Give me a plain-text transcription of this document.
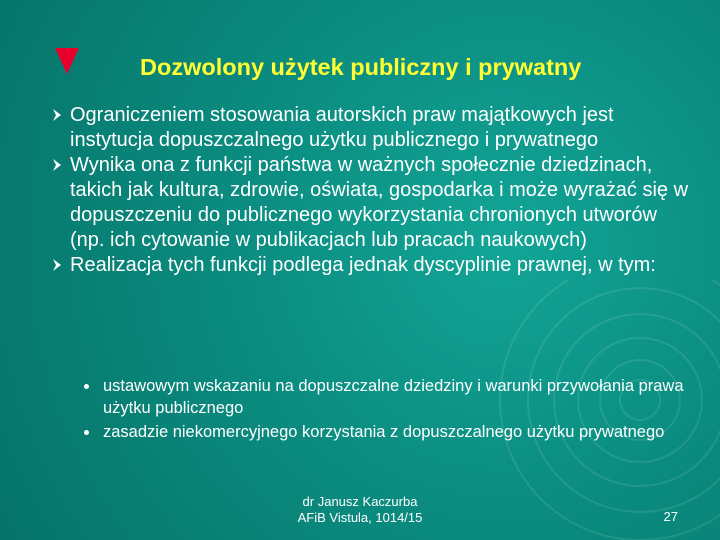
Dozwolony użytek publiczny i prywatny
Ograniczeniem stosowania autorskich praw majątkowych jest instytucja dopuszczalnego użytku publicznego i prywatnego
Wynika ona z funkcji państwa w ważnych społecznie dziedzinach, takich jak kultura, zdrowie, oświata, gospodarka i może wyrażać się w dopuszczeniu do publicznego wykorzystania chronionych utworów (np. ich cytowanie w publikacjach lub pracach naukowych)
Realizacja tych funkcji podlega jednak dyscyplinie prawnej, w tym:
ustawowym wskazaniu na dopuszczalne dziedziny i warunki przywołania prawa użytku publicznego
zasadzie niekomercyjnego korzystania z dopuszczalnego użytku prywatnego
dr Janusz Kaczurba
AFiB Vistula, 1014/15	27
